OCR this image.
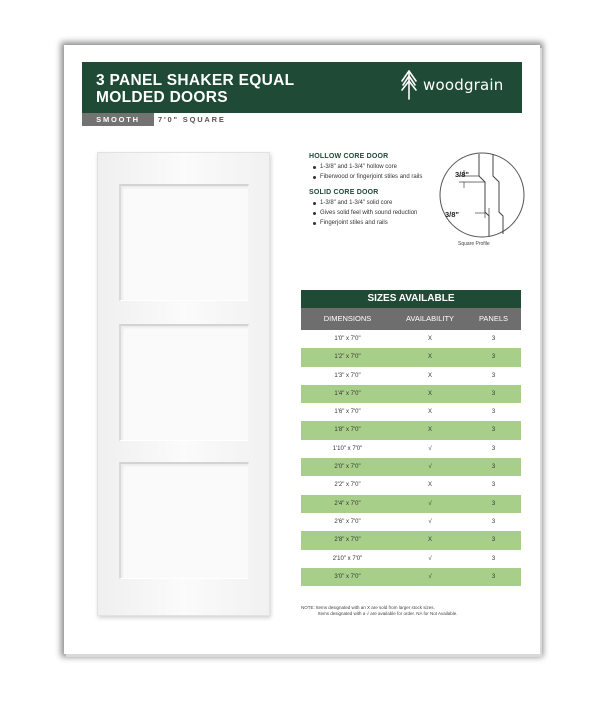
3 PANEL SHAKER EQUAL
MOLDED DOORS
woodgrain
SMOOTH	7'0" SQUARE
HOLLOW CORE DOOR
1-3/8" and 1-3/4" hollow core
Fiberwood or fingerjoint stiles and rails
SOLID CORE DOOR
1-3/8" and 1-3/4" solid core
Gives solid feel with sound reduction
Fingerjoint stiles and rails
3/8"
3/8"
Square Profile
SIZES AVAILABLE
DIMENSIONS	AVAILABILITY	PANELS
1'0" x 7'0"	X	3
1'2" x 7'0"	X	3
1'3" x 7'0"	X	3
1'4" x 7'0"	X	3
1'6" x 7'0"	X	3
1'8" x 7'0"	X	3
1'10" x 7'0"	√	3
2'0" x 7'0"	√	3
2'2" x 7'0"	X	3
2'4" x 7'0"	√	3
2'6" x 7'0"	√	3
2'8" x 7'0"	X	3
2'10" x 7'0"	√	3
3'0" x 7'0"	√	3
NOTE: Items designated with an X are sold from larger stock sizes.
Items designated with a √ are available for order. NA for Not Available.
